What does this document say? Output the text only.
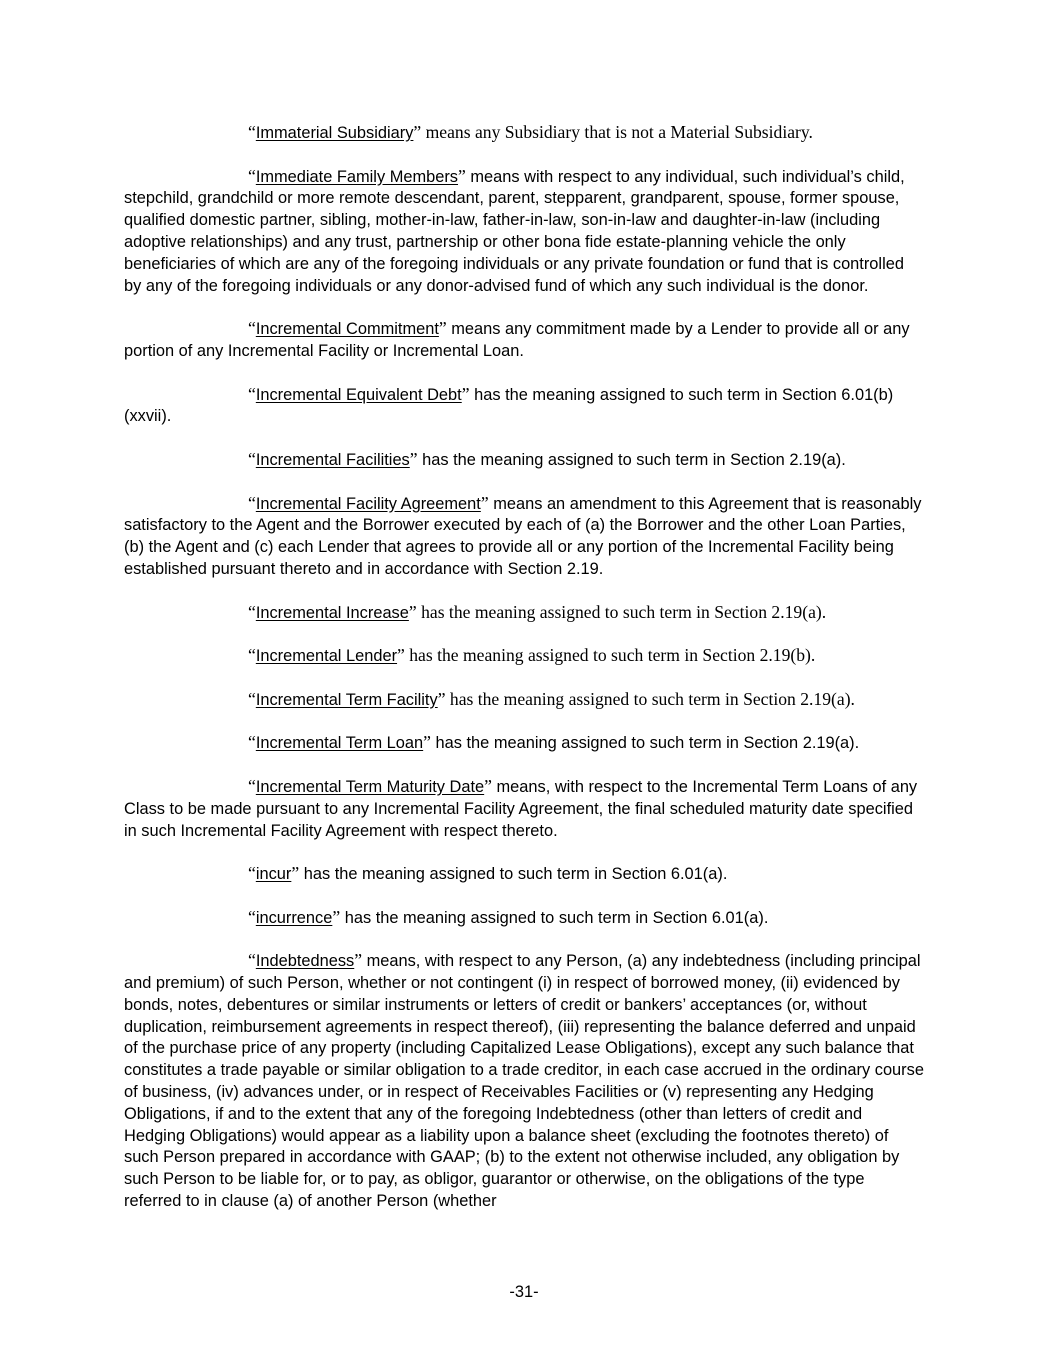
“Immaterial Subsidiary” means any Subsidiary that is not a Material Subsidiary.

“Immediate Family Members” means with respect to any individual, such individual’s child, stepchild, grandchild or more remote descendant, parent, stepparent, grandparent, spouse, former spouse, qualified domestic partner, sibling, mother-in-law, father-in-law, son-in-law and daughter-in-law (including adoptive relationships) and any trust, partnership or other bona fide estate-planning vehicle the only beneficiaries of which are any of the foregoing individuals or any private foundation or fund that is controlled by any of the foregoing individuals or any donor-advised fund of which any such individual is the donor.

“Incremental Commitment” means any commitment made by a Lender to provide all or any portion of any Incremental Facility or Incremental Loan.

“Incremental Equivalent Debt” has the meaning assigned to such term in Section 6.01(b)(xxvii).

“Incremental Facilities” has the meaning assigned to such term in Section 2.19(a).

“Incremental Facility Agreement” means an amendment to this Agreement that is reasonably satisfactory to the Agent and the Borrower executed by each of (a) the Borrower and the other Loan Parties, (b) the Agent and (c) each Lender that agrees to provide all or any portion of the Incremental Facility being established pursuant thereto and in accordance with Section 2.19.

“Incremental Increase” has the meaning assigned to such term in Section 2.19(a).

“Incremental Lender” has the meaning assigned to such term in Section 2.19(b).

“Incremental Term Facility” has the meaning assigned to such term in Section 2.19(a).

“Incremental Term Loan” has the meaning assigned to such term in Section 2.19(a).

“Incremental Term Maturity Date” means, with respect to the Incremental Term Loans of any Class to be made pursuant to any Incremental Facility Agreement, the final scheduled maturity date specified in such Incremental Facility Agreement with respect thereto.

“incur” has the meaning assigned to such term in Section 6.01(a).

“incurrence” has the meaning assigned to such term in Section 6.01(a).

“Indebtedness” means, with respect to any Person, (a) any indebtedness (including principal and premium) of such Person, whether or not contingent (i) in respect of borrowed money, (ii) evidenced by bonds, notes, debentures or similar instruments or letters of credit or bankers’ acceptances (or, without duplication, reimbursement agreements in respect thereof), (iii) representing the balance deferred and unpaid of the purchase price of any property (including Capitalized Lease Obligations), except any such balance that constitutes a trade payable or similar obligation to a trade creditor, in each case accrued in the ordinary course of business, (iv) advances under, or in respect of Receivables Facilities or (v) representing any Hedging Obligations, if and to the extent that any of the foregoing Indebtedness (other than letters of credit and Hedging Obligations) would appear as a liability upon a balance sheet (excluding the footnotes thereto) of such Person prepared in accordance with GAAP; (b) to the extent not otherwise included, any obligation by such Person to be liable for, or to pay, as obligor, guarantor or otherwise, on the obligations of the type referred to in clause (a) of another Person (whether

-31-
